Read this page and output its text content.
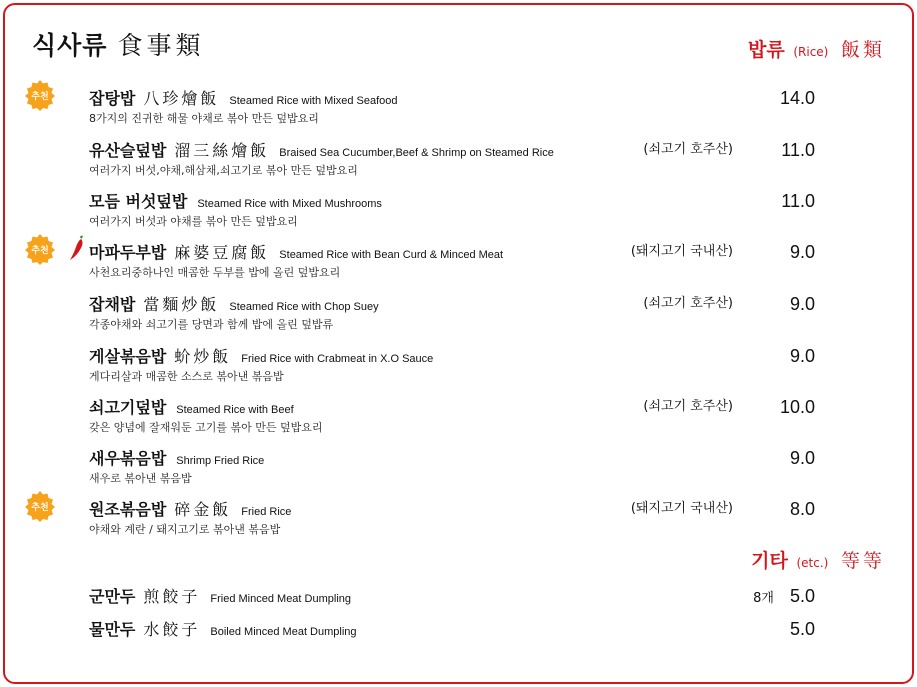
식사류 食事類	밥류 (Rice) 飯類
추천	잡탕밥 八珍燴飯 Steamed Rice with Mixed Seafood
8가지의 진귀한 해물 야채로 볶아 만든 덮밥요리
14.0
유산슬덮밥 溜三絲燴飯 Braised Sea Cucumber,Beef & Shrimp on Steamed Rice
여러가지 버섯,야채,해삼채,쇠고기로 볶아 만든 덮밥요리
(쇠고기 호주산)	11.0
모듬 버섯덮밥 Steamed Rice with Mixed Mushrooms
여러가지 버섯과 야채를 볶아 만든 덮밥요리
11.0
추천	마파두부밥 麻婆豆腐飯 Steamed Rice with Bean Curd & Minced Meat
사천요리중하나인 매콤한 두부를 밥에 올린 덮밥요리
(돼지고기 국내산)	9.0
잡채밥 當麵炒飯 Steamed Rice with Chop Suey
각종야채와 쇠고기를 당면과 함께 밥에 올린 덮밥류
(쇠고기 호주산)	9.0
게살볶음밥 蚧炒飯 Fried Rice with Crabmeat in X.O Sauce
게다리살과 매콤한 소스로 볶아낸 볶음밥
9.0
쇠고기덮밥 Steamed Rice with Beef
갖은 양념에 잘재워둔 고기를 볶아 만든 덮밥요리
(쇠고기 호주산)	10.0
새우볶음밥 Shrimp Fried Rice
새우로 볶아낸 볶음밥
9.0
추천	원조볶음밥 碎金飯 Fried Rice
야채와 계란 / 돼지고기로 볶아낸 볶음밥
(돼지고기 국내산)	8.0
기타 (etc.) 等等
군만두 煎餃子 Fried Minced Meat Dumpling	8개 5.0
물만두 水餃子 Boiled Minced Meat Dumpling	5.0
